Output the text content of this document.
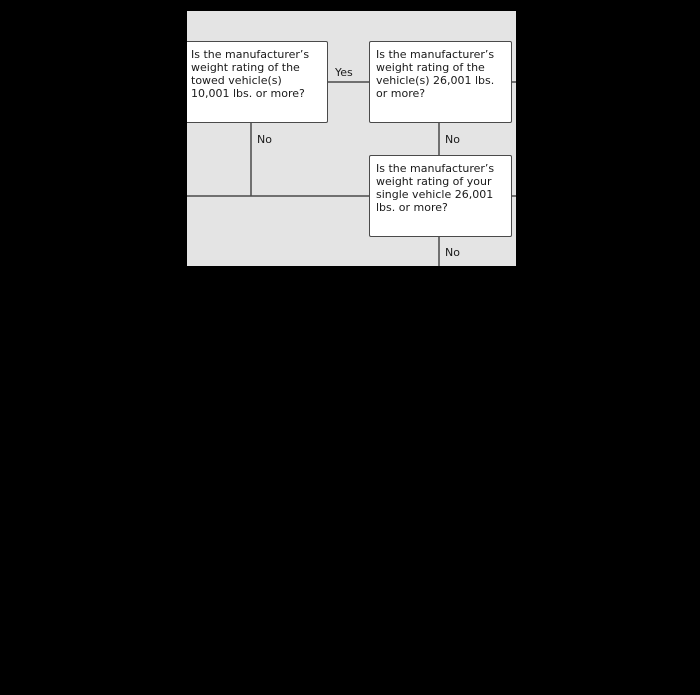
Is the manufacturer’s
weight rating of the
towed vehicle(s)
10,001 lbs. or more?
Is the manufacturer’s
weight rating of the
vehicle(s) 26,001 lbs.
or more?
Is the manufacturer’s
weight rating of your
single vehicle 26,001
lbs. or more?
Yes
No	No
No
